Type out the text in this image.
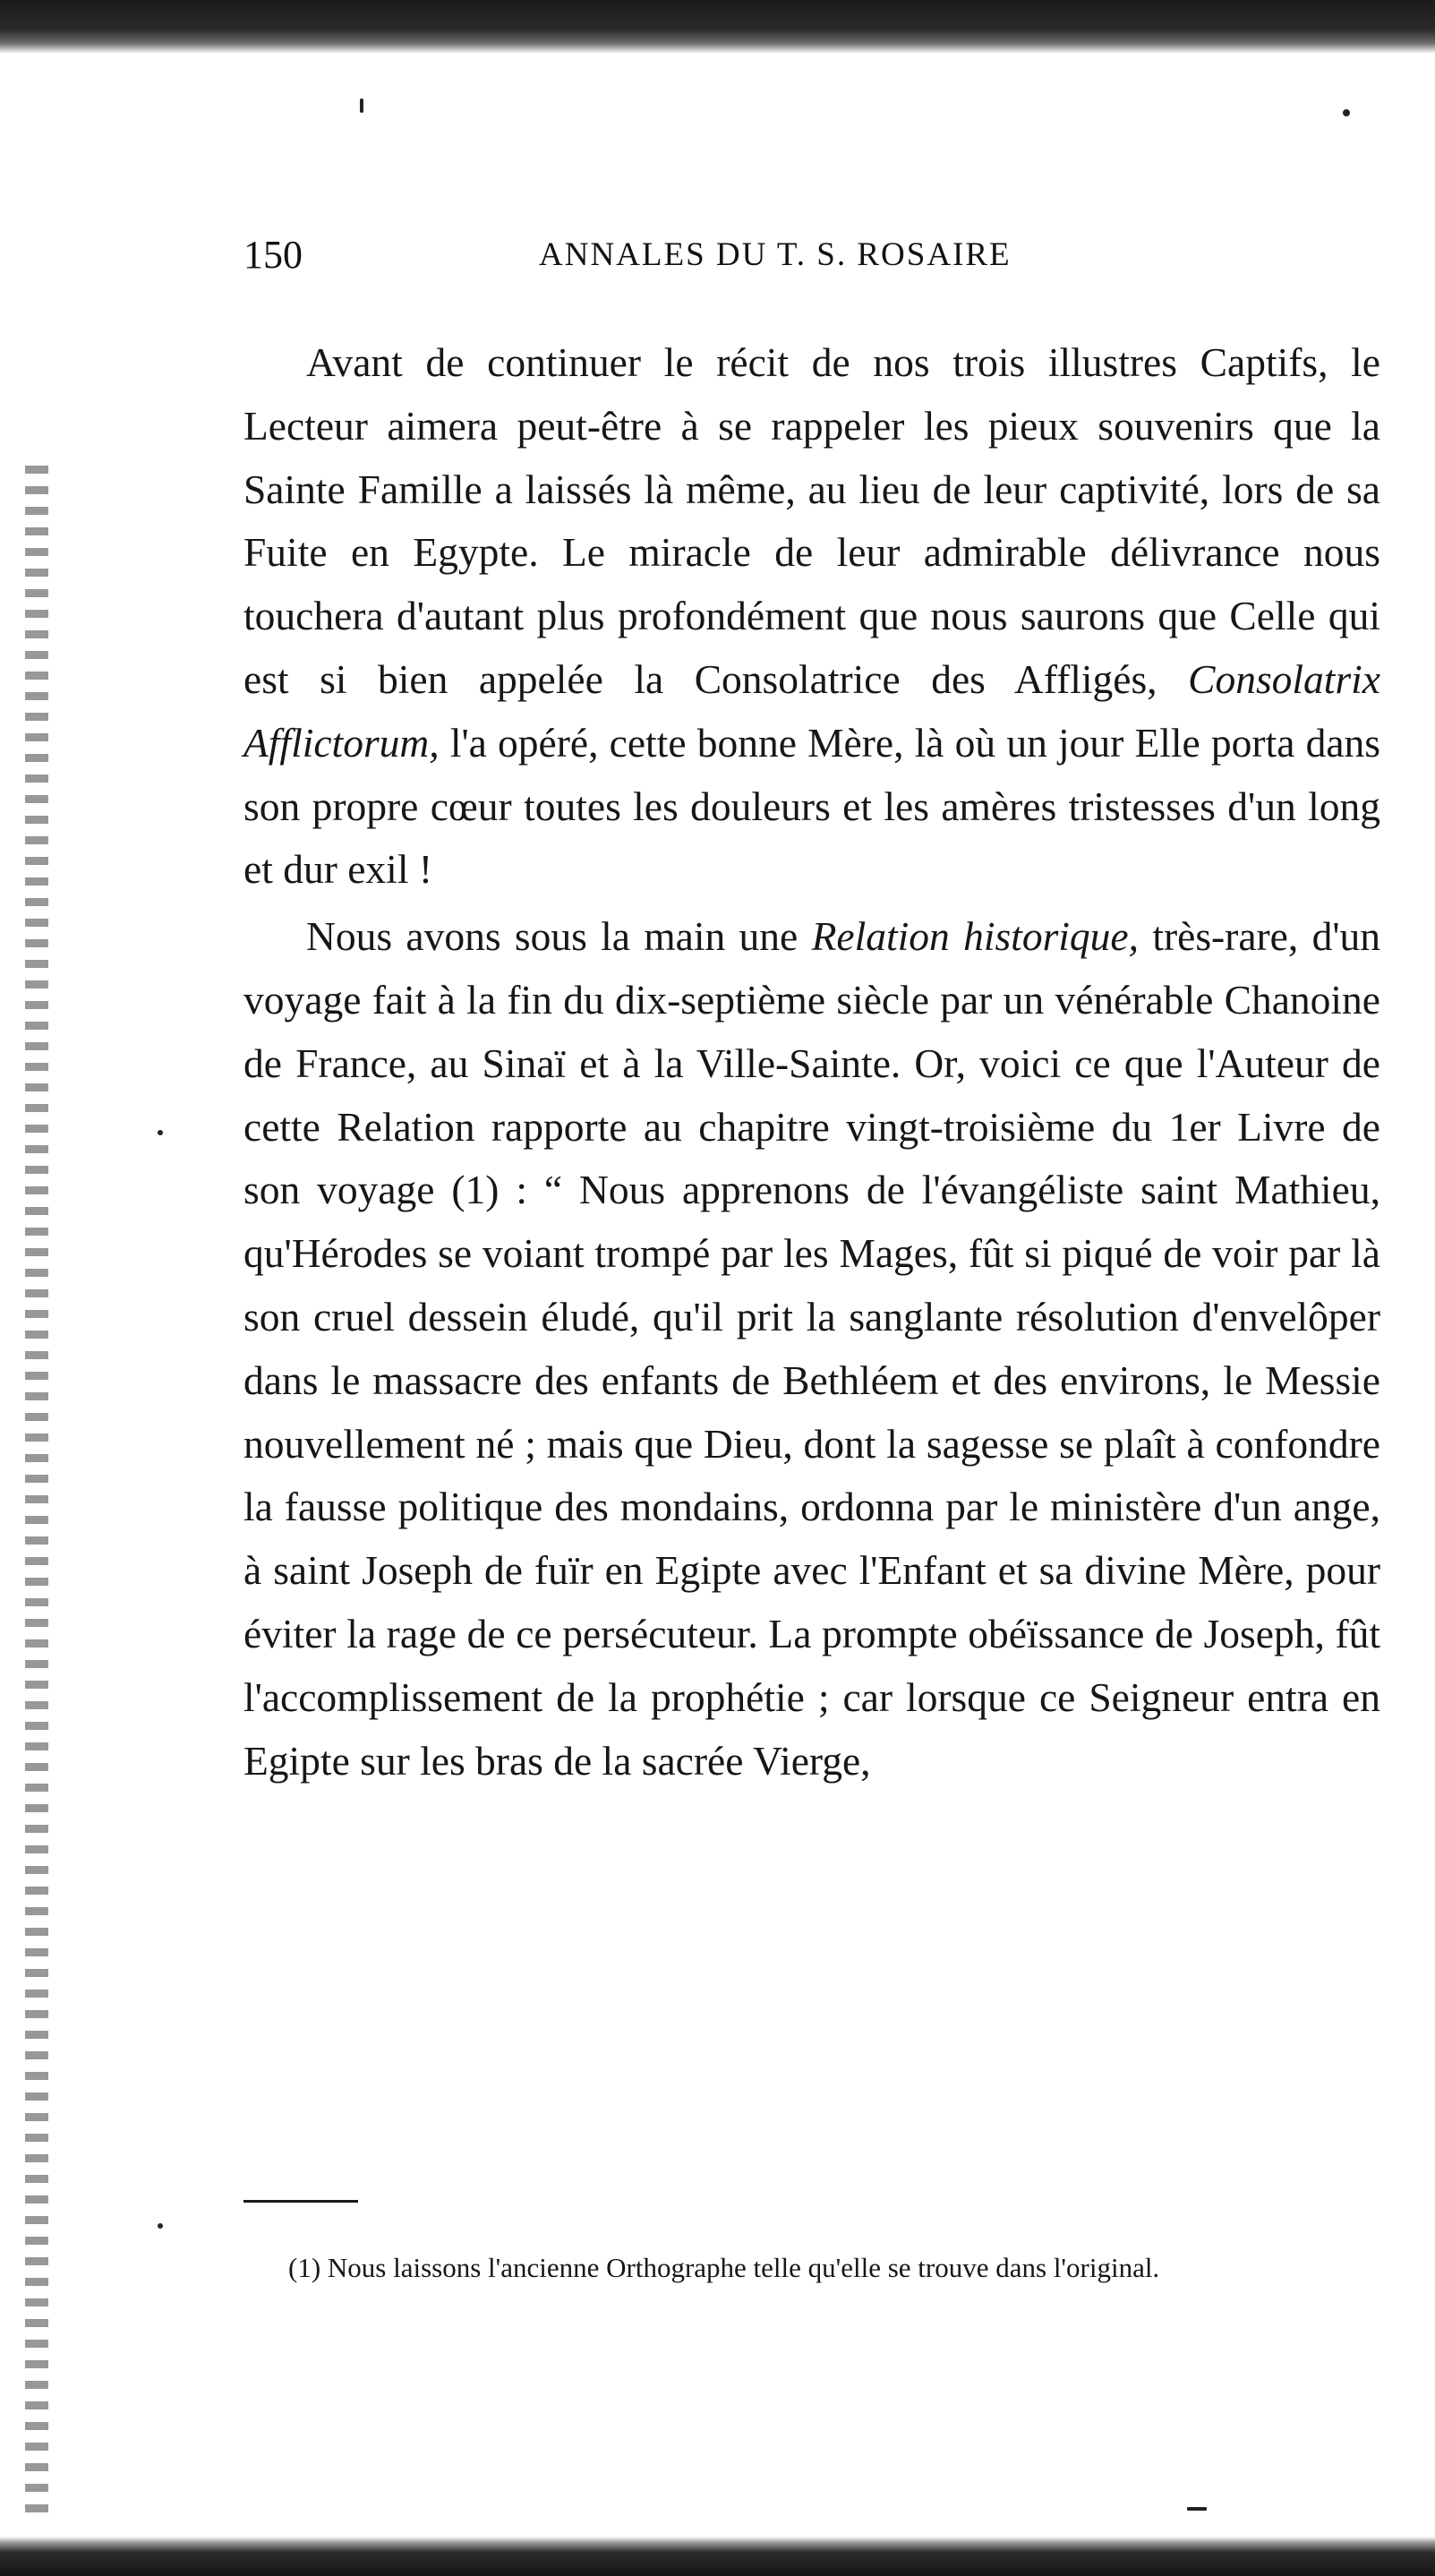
150	ANNALES DU T. S. ROSAIRE

Avant de continuer le récit de nos trois illustres Captifs, le Lecteur aimera peut-être à se rappeler les pieux souvenirs que la Sainte Famille a laissés là même, au lieu de leur captivité, lors de sa Fuite en Egypte. Le miracle de leur admirable délivrance nous touchera d'autant plus profondément que nous saurons que Celle qui est si bien appelée la Consolatrice des Affligés, Consolatrix Afflictorum, l'a opéré, cette bonne Mère, là où un jour Elle porta dans son propre cœur toutes les douleurs et les amères tristesses d'un long et dur exil !

Nous avons sous la main une Relation historique, très-rare, d'un voyage fait à la fin du dix-septième siècle par un vénérable Chanoine de France, au Sinaï et à la Ville-Sainte. Or, voici ce que l'Auteur de cette Relation rapporte au chapitre vingt-troisième du 1er Livre de son voyage (1) : “ Nous apprenons de l'évangéliste saint Mathieu, qu'Hérodes se voiant trompé par les Mages, fût si piqué de voir par là son cruel dessein éludé, qu'il prit la sanglante résolution d'envelôper dans le massacre des enfants de Bethléem et des environs, le Messie nouvellement né ; mais que Dieu, dont la sagesse se plaît à confondre la fausse politique des mondains, ordonna par le ministère d'un ange, à saint Joseph de fuïr en Egipte avec l'Enfant et sa divine Mère, pour éviter la rage de ce persécuteur. La prompte obéïssance de Joseph, fût l'accomplissement de la prophétie ; car lorsque ce Seigneur entra en Egipte sur les bras de la sacrée Vierge,

(1) Nous laissons l'ancienne Orthographe telle qu'elle se trouve dans l'original.
